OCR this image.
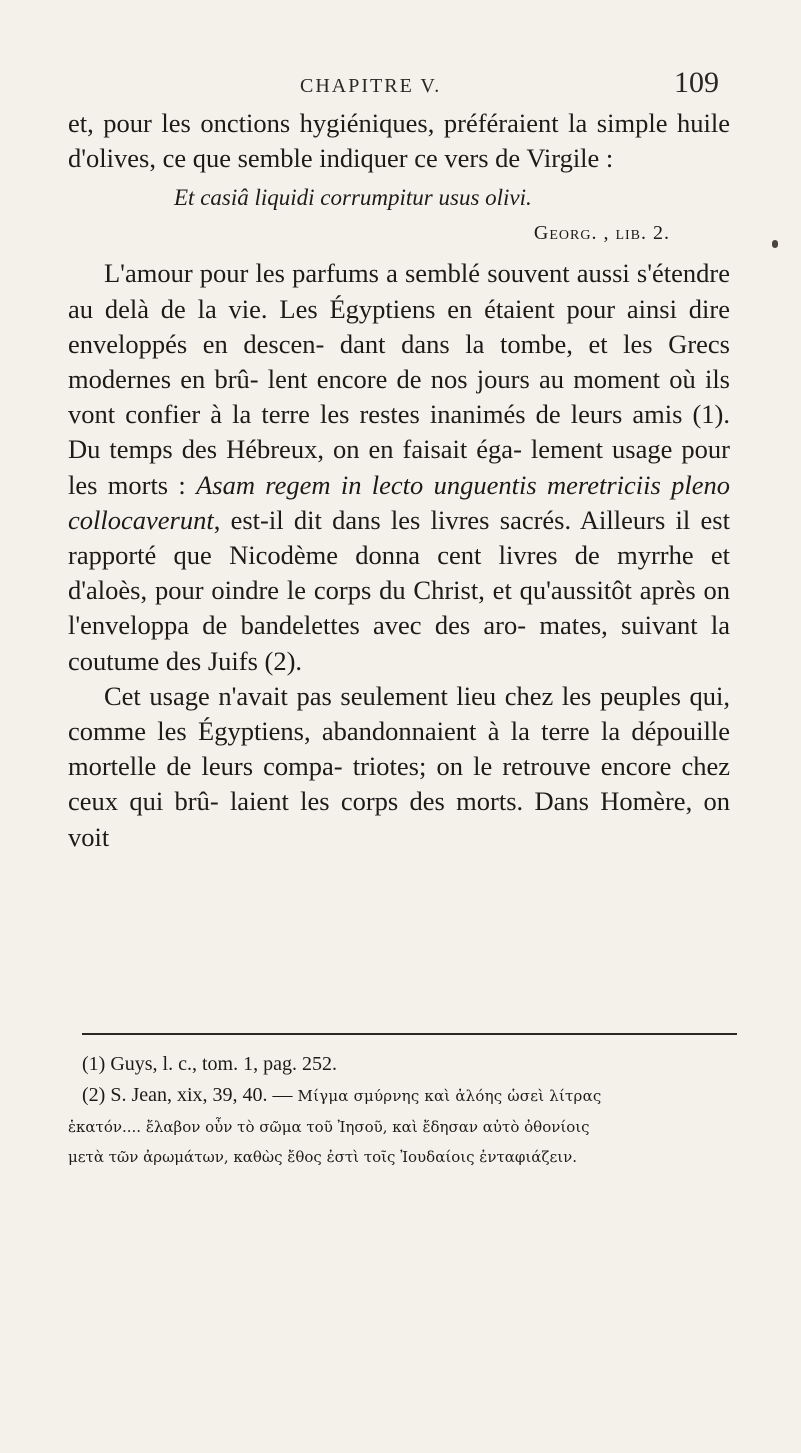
CHAPITRE V.	109

et, pour les onctions hygiéniques, préféraient la simple huile d'olives, ce que semble indiquer ce vers de Virgile :

Et casiâ liquidi corrumpitur usus olivi.

Georg. , lib. 2.

L'amour pour les parfums a semblé souvent aussi s'étendre au delà de la vie. Les Égyptiens en étaient pour ainsi dire enveloppés en descen- dant dans la tombe, et les Grecs modernes en brû- lent encore de nos jours au moment où ils vont confier à la terre les restes inanimés de leurs amis (1). Du temps des Hébreux, on en faisait éga- lement usage pour les morts : Asam regem in lecto unguentis meretriciis pleno collocaverunt, est-il dit dans les livres sacrés. Ailleurs il est rapporté que Nicodème donna cent livres de myrrhe et d'aloès, pour oindre le corps du Christ, et qu'aussitôt après on l'enveloppa de bandelettes avec des aro- mates, suivant la coutume des Juifs (2).

Cet usage n'avait pas seulement lieu chez les peuples qui, comme les Égyptiens, abandonnaient à la terre la dépouille mortelle de leurs compa- triotes; on le retrouve encore chez ceux qui brû- laient les corps des morts. Dans Homère, on voit

(1) Guys, l. c., tom. 1, pag. 252.

(2) S. Jean, xix, 39, 40. — Μίγμα σμύρνης καὶ ἀλόης ὡσεὶ λίτρας

ἑκατόν.... ἔλαβον οὖν τὸ σῶμα τοῦ Ἰησοῦ, καὶ ἔδησαν αὐτὸ ὀθονίοις

μετὰ τῶν ἀρωμάτων, καθὼς ἔθος ἐστὶ τοῖς Ἰουδαίοις ἐνταφιάζειν.
